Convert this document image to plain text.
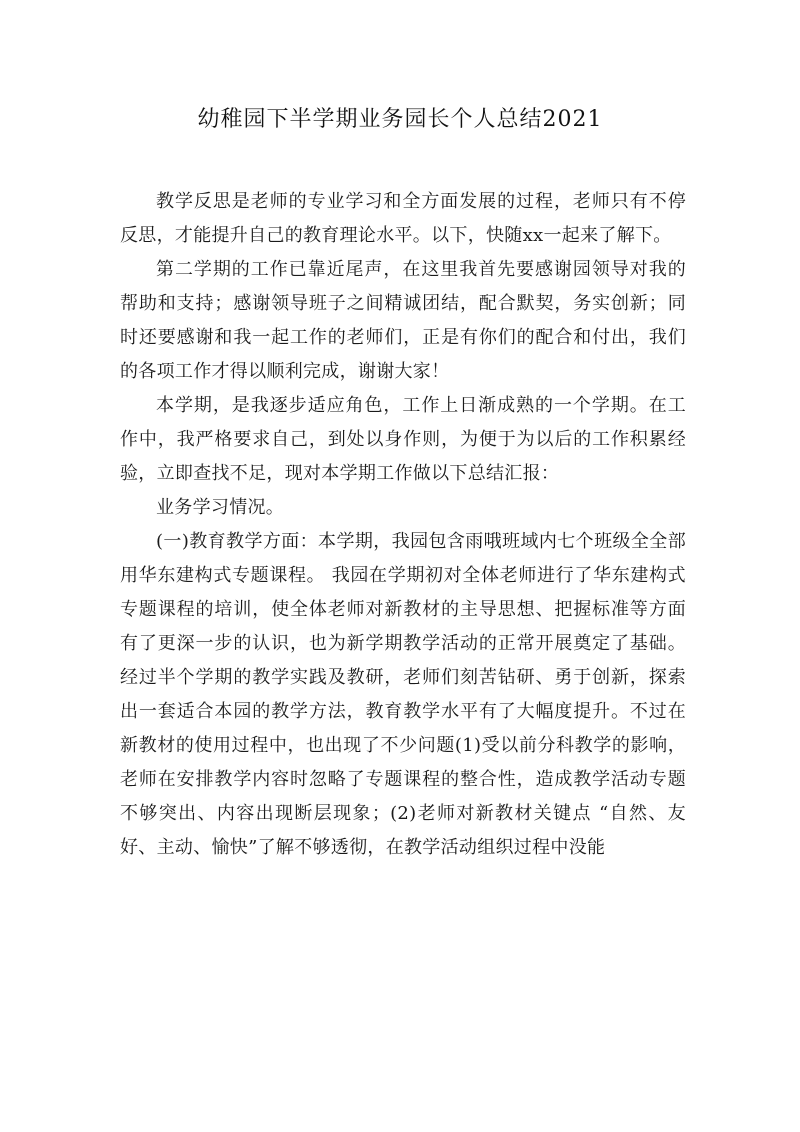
幼稚园下半学期业务园长个人总结2021

教学反思是老师的专业学习和全方面发展的过程，老师只有不停反思，才能提升自己的教育理论水平。以下，快随xx一起来了解下。

第二学期的工作已靠近尾声，在这里我首先要感谢园领导对我的帮助和支持；感谢领导班子之间精诚团结，配合默契，务实创新；同时还要感谢和我一起工作的老师们，正是有你们的配合和付出，我们的各项工作才得以顺利完成，谢谢大家！

本学期，是我逐步适应角色，工作上日渐成熟的一个学期。在工作中，我严格要求自己，到处以身作则，为便于为以后的工作积累经验，立即查找不足，现对本学期工作做以下总结汇报：

业务学习情况。

(一)教育教学方面：本学期，我园包含雨哦班域内七个班级全全部用华东建构式专题课程。 我园在学期初对全体老师进行了华东建构式专题课程的培训，使全体老师对新教材的主导思想、把握标准等方面有了更深一步的认识，也为新学期教学活动的正常开展奠定了基础。经过半个学期的教学实践及教研，老师们刻苦钻研、勇于创新，探索出一套适合本园的教学方法，教育教学水平有了大幅度提升。不过在新教材的使用过程中，也出现了不少问题(1)受以前分科教学的影响，老师在安排教学内容时忽略了专题课程的整合性，造成教学活动专题不够突出、内容出现断层现象；(2)老师对新教材关键点 “自然、友好、主动、愉快”了解不够透彻，在教学活动组织过程中没能
